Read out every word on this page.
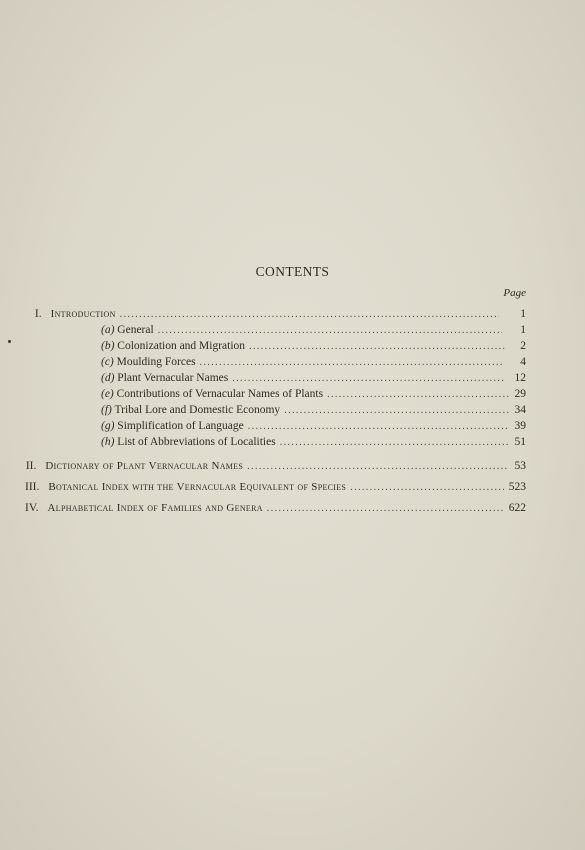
CONTENTS
Page
I. Introduction .....	1
(a) General .....	1
(b) Colonization and Migration .....	2
(c) Moulding Forces .....	4
(d) Plant Vernacular Names .....	12
(e) Contributions of Vernacular Names of Plants .....	29
(f) Tribal Lore and Domestic Economy .....	34
(g) Simplification of Language .....	39
(h) List of Abbreviations of Localities .....	51
II. Dictionary of Plant Vernacular Names .....	53
III. Botanical Index with the Vernacular Equivalent of Species .....	523
IV. Alphabetical Index of Families and Genera .....	622
